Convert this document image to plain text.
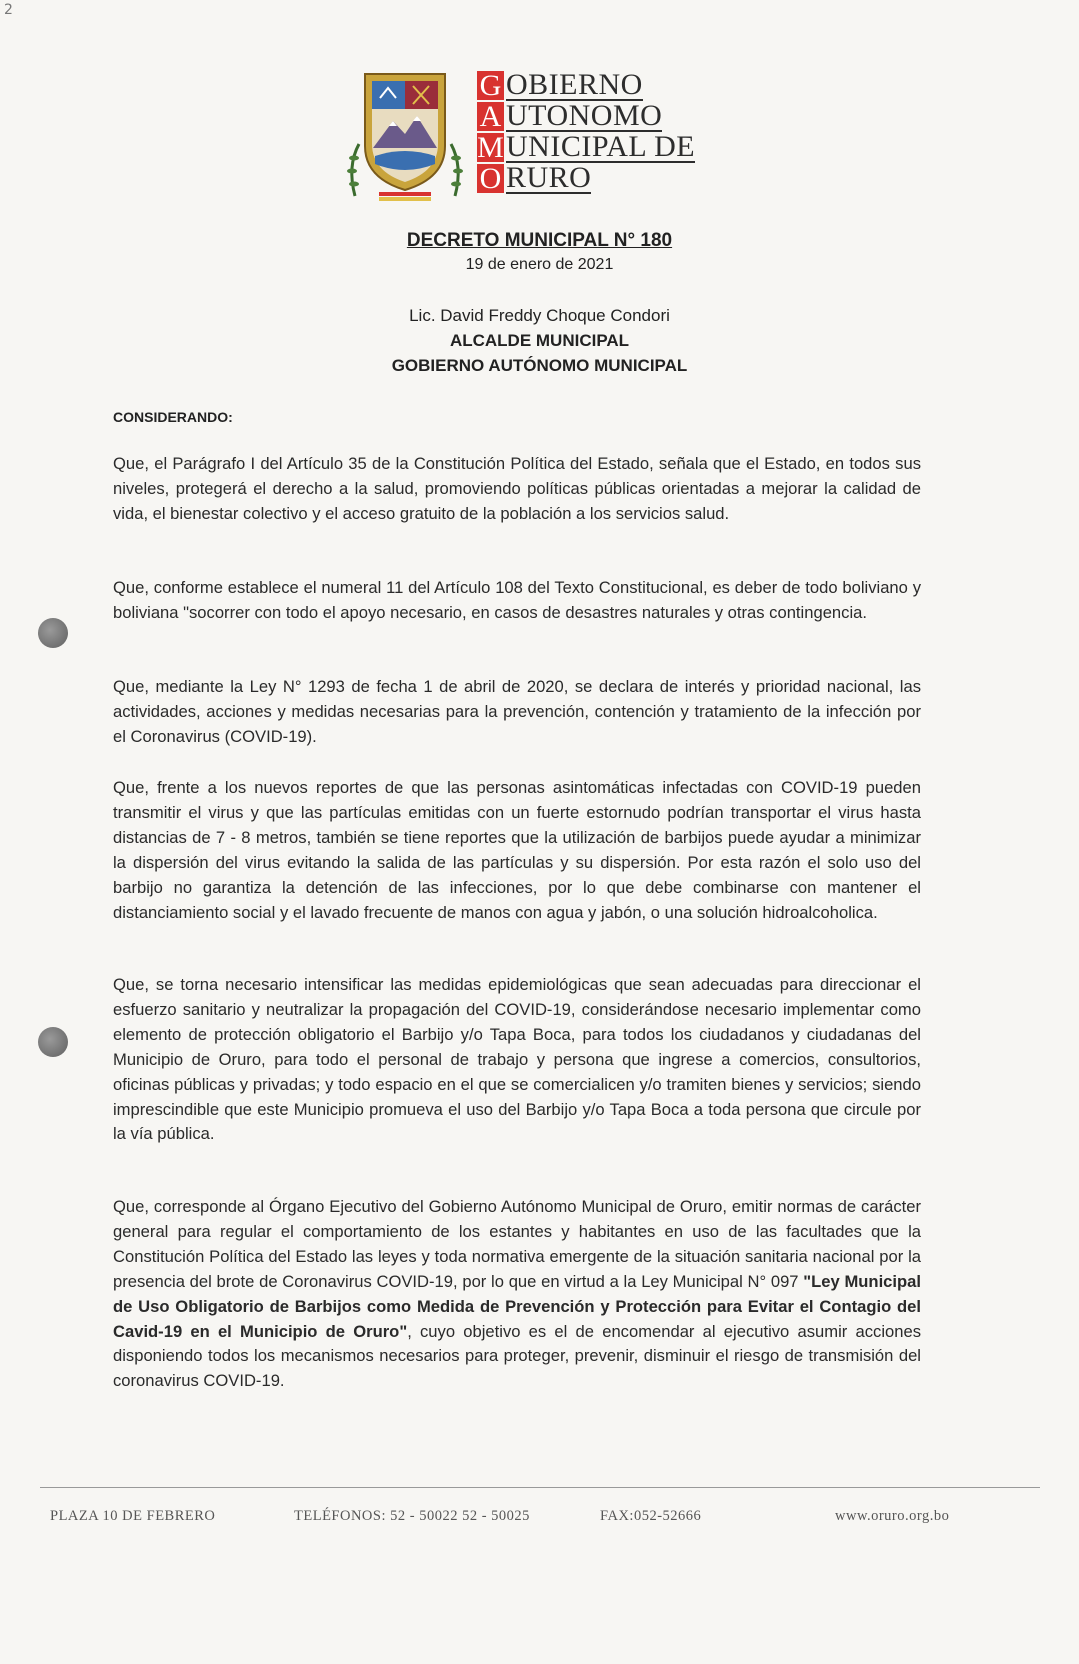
2
G OBIERNO
A UTONOMO
M UNICIPAL DE
O RURO
DECRETO MUNICIPAL N° 180
19 de enero de 2021
Lic. David Freddy Choque Condori
ALCALDE MUNICIPAL
GOBIERNO AUTÓNOMO MUNICIPAL
CONSIDERANDO:

Que, el Parágrafo I del Artículo 35 de la Constitución Política del Estado, señala que el Estado, en todos sus niveles, protegerá el derecho a la salud, promoviendo políticas públicas orientadas a mejorar la calidad de vida, el bienestar colectivo y el acceso gratuito de la población a los servicios salud.

Que, conforme establece el numeral 11 del Artículo 108 del Texto Constitucional, es deber de todo boliviano y boliviana "socorrer con todo el apoyo necesario, en casos de desastres naturales y otras contingencia.

Que, mediante la Ley N° 1293 de fecha 1 de abril de 2020, se declara de interés y prioridad nacional, las actividades, acciones y medidas necesarias para la prevención, contención y tratamiento de la infección por el Coronavirus (COVID-19).

Que, frente a los nuevos reportes de que las personas asintomáticas infectadas con COVID-19 pueden transmitir el virus y que las partículas emitidas con un fuerte estornudo podrían transportar el virus hasta distancias de 7 - 8 metros, también se tiene reportes que la utilización de barbijos puede ayudar a minimizar la dispersión del virus evitando la salida de las partículas y su dispersión. Por esta razón el solo uso del barbijo no garantiza la detención de las infecciones, por lo que debe combinarse con mantener el distanciamiento social y el lavado frecuente de manos con agua y jabón, o una solución hidroalcoholica.

Que, se torna necesario intensificar las medidas epidemiológicas que sean adecuadas para direccionar el esfuerzo sanitario y neutralizar la propagación del COVID-19, considerándose necesario implementar como elemento de protección obligatorio el Barbijo y/o Tapa Boca, para todos los ciudadanos y ciudadanas del Municipio de Oruro, para todo el personal de trabajo y persona que ingrese a comercios, consultorios, oficinas públicas y privadas; y todo espacio en el que se comercialicen y/o tramiten bienes y servicios; siendo imprescindible que este Municipio promueva el uso del Barbijo y/o Tapa Boca a toda persona que circule por la vía pública.

Que, corresponde al Órgano Ejecutivo del Gobierno Autónomo Municipal de Oruro, emitir normas de carácter general para regular el comportamiento de los estantes y habitantes en uso de las facultades que la Constitución Política del Estado las leyes y toda normativa emergente de la situación sanitaria nacional por la presencia del brote de Coronavirus COVID-19, por lo que en virtud a la Ley Municipal N° 097 "Ley Municipal de Uso Obligatorio de Barbijos como Medida de Prevención y Protección para Evitar el Contagio del Cavid-19 en el Municipio de Oruro", cuyo objetivo es el de encomendar al ejecutivo asumir acciones disponiendo todos los mecanismos necesarios para proteger, prevenir, disminuir el riesgo de transmisión del coronavirus COVID-19.

PLAZA 10 DE FEBRERO	TELÉFONOS: 52 - 50022 52 - 50025	FAX:052-52666	www.oruro.org.bo
